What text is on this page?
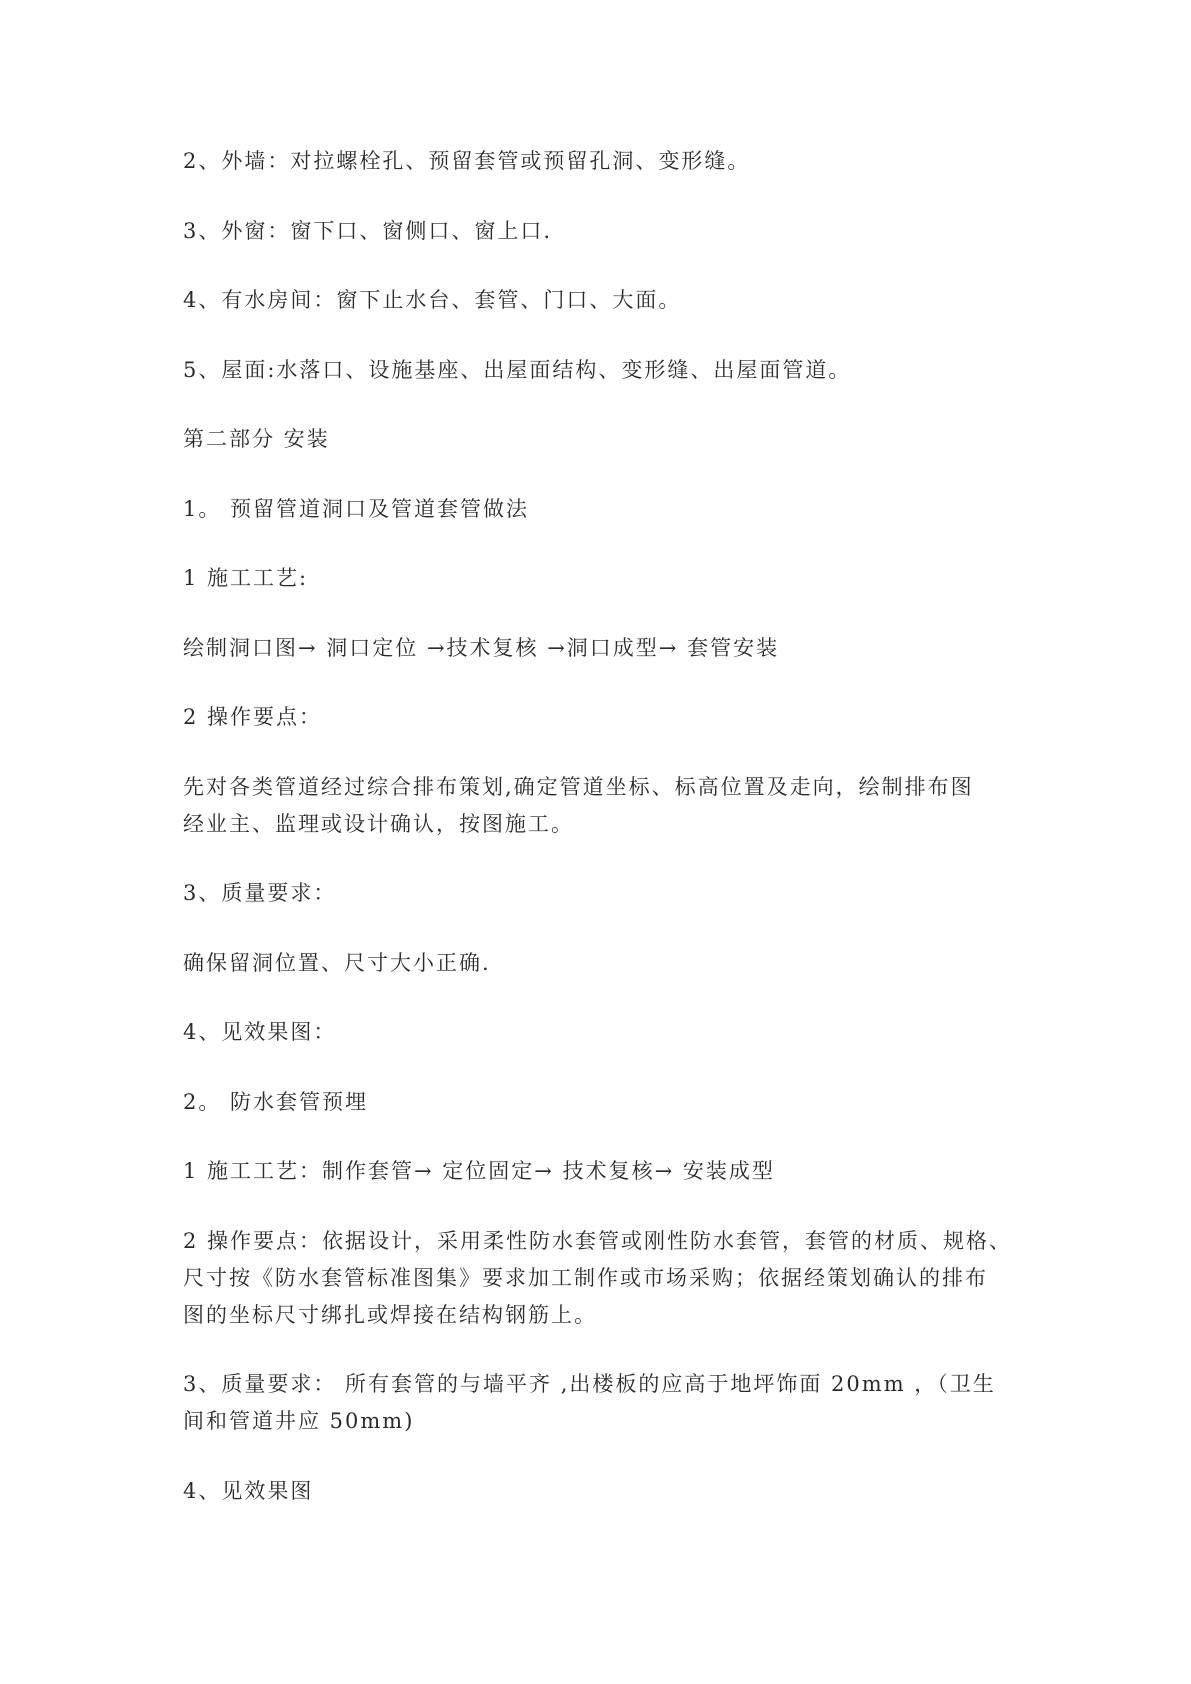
2、外墙：对拉螺栓孔、预留套管或预留孔洞、变形缝。
3、外窗：窗下口、窗侧口、窗上口.
4、有水房间：窗下止水台、套管、门口、大面。
5、屋面:水落口、设施基座、出屋面结构、变形缝、出屋面管道。
第二部分 安装
1。 预留管道洞口及管道套管做法
1 施工工艺:
绘制洞口图→ 洞口定位 →技术复核 →洞口成型→ 套管安装
2 操作要点：
先对各类管道经过综合排布策划,确定管道坐标、标高位置及走向，绘制排布图
经业主、监理或设计确认，按图施工。
3、质量要求：
确保留洞位置、尺寸大小正确.
4、见效果图：
2。 防水套管预埋
1 施工工艺：制作套管→ 定位固定→ 技术复核→ 安装成型
2 操作要点：依据设计，采用柔性防水套管或刚性防水套管，套管的材质、规格、
尺寸按《防水套管标准图集》要求加工制作或市场采购；依据经策划确认的排布
图的坐标尺寸绑扎或焊接在结构钢筋上。
3、质量要求： 所有套管的与墙平齐 ,出楼板的应高于地坪饰面 20mm ，（卫生
间和管道井应 50mm)
4、见效果图
